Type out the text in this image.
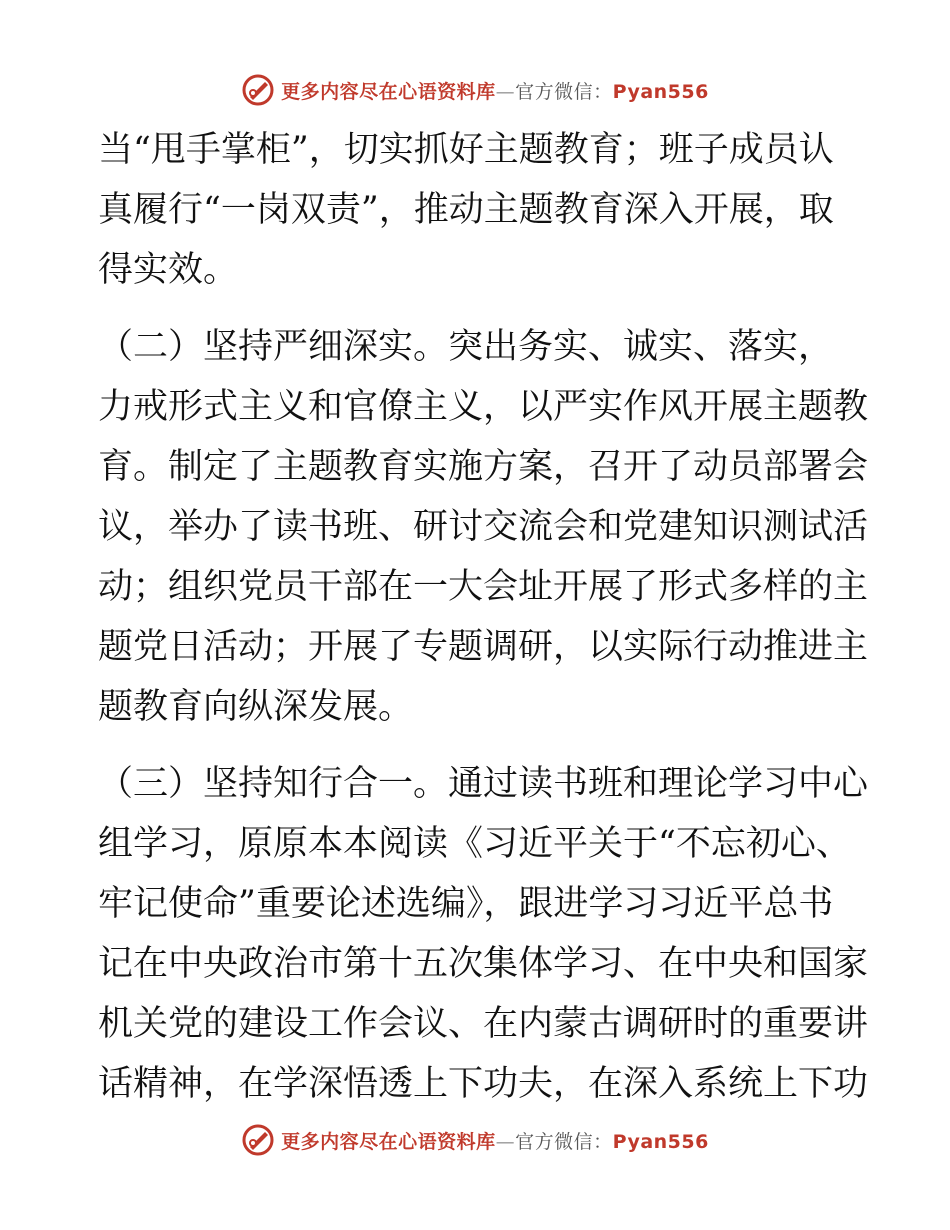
更多内容尽在心语资料库—官方微信：Pyan556
当“甩手掌柜”，切实抓好主题教育；班子成员认
真履行“一岗双责”，推动主题教育深入开展，取
得实效。
（二）坚持严细深实。突出务实、诚实、落实，
力戒形式主义和官僚主义，以严实作风开展主题教
育。制定了主题教育实施方案，召开了动员部署会
议，举办了读书班、研讨交流会和党建知识测试活
动；组织党员干部在一大会址开展了形式多样的主
题党日活动；开展了专题调研，以实际行动推进主
题教育向纵深发展。
（三）坚持知行合一。通过读书班和理论学习中心
组学习，原原本本阅读《习近平关于“不忘初心、
牢记使命”重要论述选编》，跟进学习习近平总书
记在中央政治市第十五次集体学习、在中央和国家
机关党的建设工作会议、在内蒙古调研时的重要讲
话精神，在学深悟透上下功夫，在深入系统上下功
更多内容尽在心语资料库—官方微信：Pyan556
